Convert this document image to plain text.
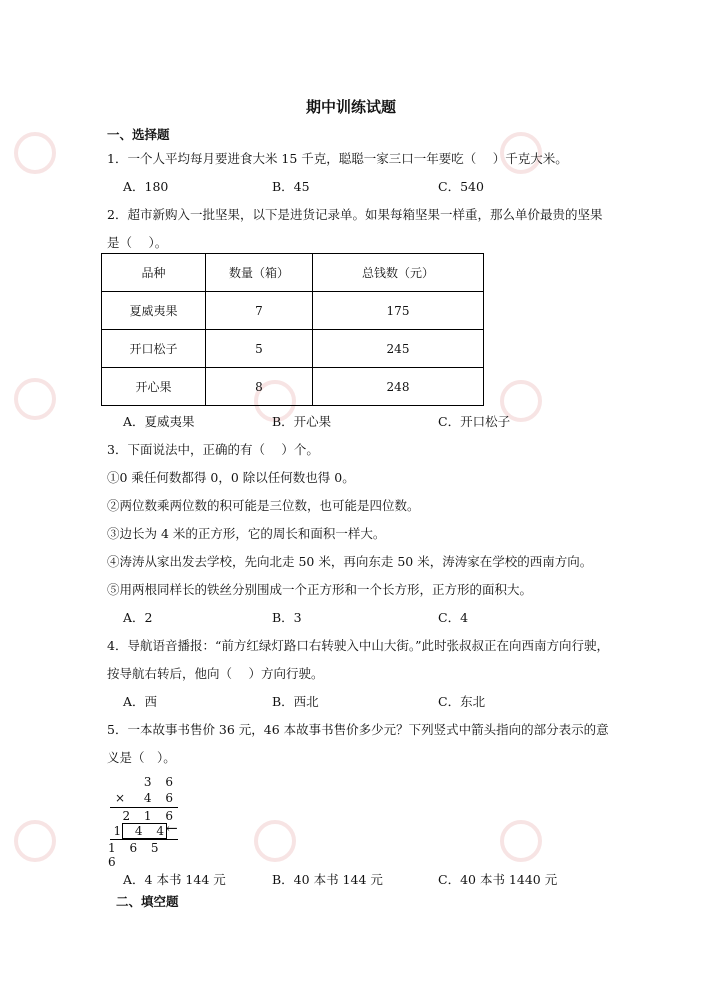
期中训练试题
一、选择题
1．一个人平均每月要进食大米 15 千克，聪聪一家三口一年要吃（　 ）千克大米。
A．180	B．45	C．540
2．超市新购入一批坚果，以下是进货记录单。如果每箱坚果一样重，那么单价最贵的坚果
是（　 ）。
品种	数量（箱）	总钱数（元）
夏威夷果	7	175
开口松子	5	245
开心果	8	248
A．夏威夷果	B．开心果	C．开口松子
3．下面说法中，正确的有（　 ）个。
①0 乘任何数都得 0，0 除以任何数也得 0。
②两位数乘两位数的积可能是三位数，也可能是四位数。
③边长为 4 米的正方形，它的周长和面积一样大。
④涛涛从家出发去学校，先向北走 50 米，再向东走 50 米，涛涛家在学校的西南方向。
⑤用两根同样长的铁丝分别围成一个正方形和一个长方形，正方形的面积大。
A．2	B．3	C．4
4．导航语音播报：“前方红绿灯路口右转驶入中山大街。”此时张叔叔正在向西南方向行驶，
按导航右转后，他向（　 ）方向行驶。
A．西	B．西北	C．东北
5．一本故事书售价 36 元，46 本故事书售价多少元？下列竖式中箭头指向的部分表示的意
义是（　）。
3 6
× 4 6
2 1 6
1 4 4
←
1 6 5 6
A．4 本书 144 元	B．40 本书 144 元	C．40 本书 1440 元
二、填空题
